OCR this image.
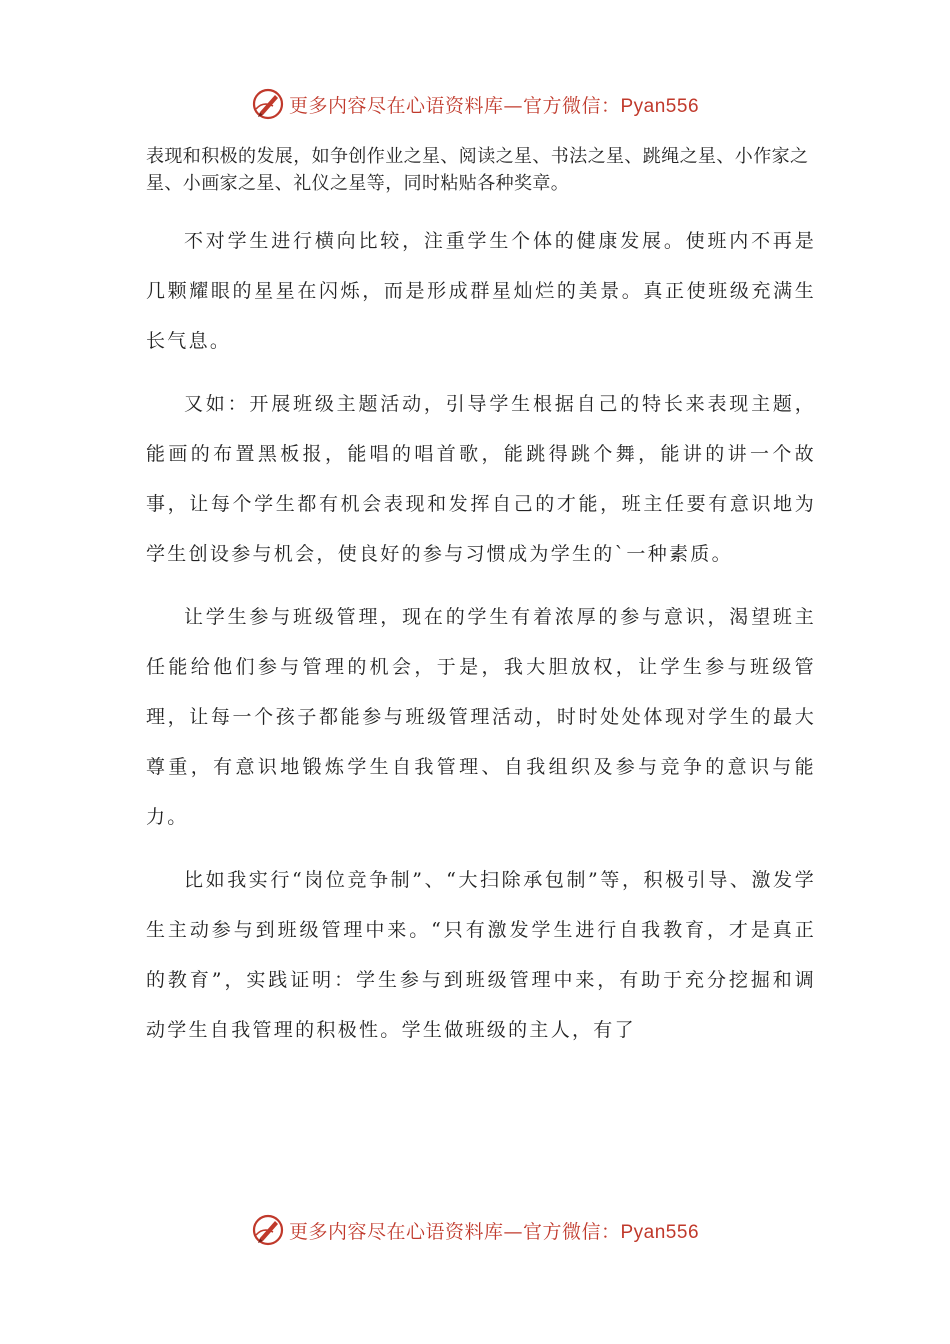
更多内容尽在心语资料库—官方微信：Pyan556

表现和积极的发展，如争创作业之星、阅读之星、书法之星、跳绳之星、小作家之星、小画家之星、礼仪之星等，同时粘贴各种奖章。

不对学生进行横向比较，注重学生个体的健康发展。使班内不再是几颗耀眼的星星在闪烁，而是形成群星灿烂的美景。真正使班级充满生长气息。

又如：开展班级主题活动，引导学生根据自己的特长来表现主题，能画的布置黑板报，能唱的唱首歌，能跳得跳个舞，能讲的讲一个故事，让每个学生都有机会表现和发挥自己的才能，班主任要有意识地为学生创设参与机会，使良好的参与习惯成为学生的`一种素质。

让学生参与班级管理，现在的学生有着浓厚的参与意识，渴望班主任能给他们参与管理的机会，于是，我大胆放权，让学生参与班级管理，让每一个孩子都能参与班级管理活动，时时处处体现对学生的最大尊重，有意识地锻炼学生自我管理、自我组织及参与竞争的意识与能力。

比如我实行“岗位竞争制”、“大扫除承包制”等，积极引导、激发学生主动参与到班级管理中来。“只有激发学生进行自我教育，才是真正的教育”，实践证明：学生参与到班级管理中来，有助于充分挖掘和调动学生自我管理的积极性。学生做班级的主人，有了

更多内容尽在心语资料库—官方微信：Pyan556
